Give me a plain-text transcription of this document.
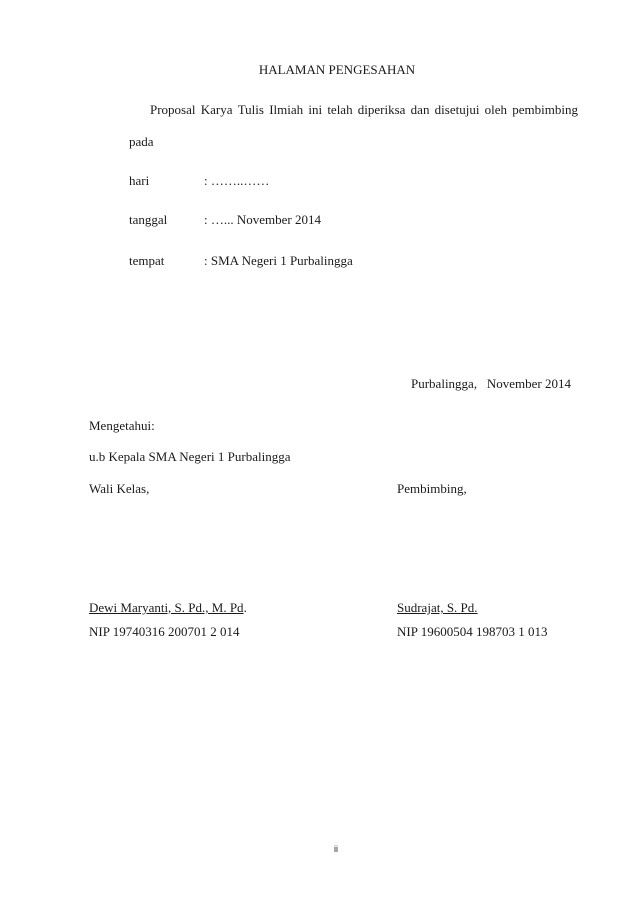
HALAMAN PENGESAHAN
Proposal Karya Tulis Ilmiah ini telah diperiksa dan disetujui oleh pembimbing
pada
hari	: ……..……
tanggal	: …... November 2014
tempat	: SMA Negeri 1 Purbalingga
Purbalingga,   November 2014
Mengetahui:
u.b Kepala SMA Negeri 1 Purbalingga
Wali Kelas,	Pembimbing,
Dewi Maryanti, S. Pd., M. Pd.	Sudrajat, S. Pd.
NIP 19740316 200701 2 014	NIP 19600504 198703 1 013
ii
